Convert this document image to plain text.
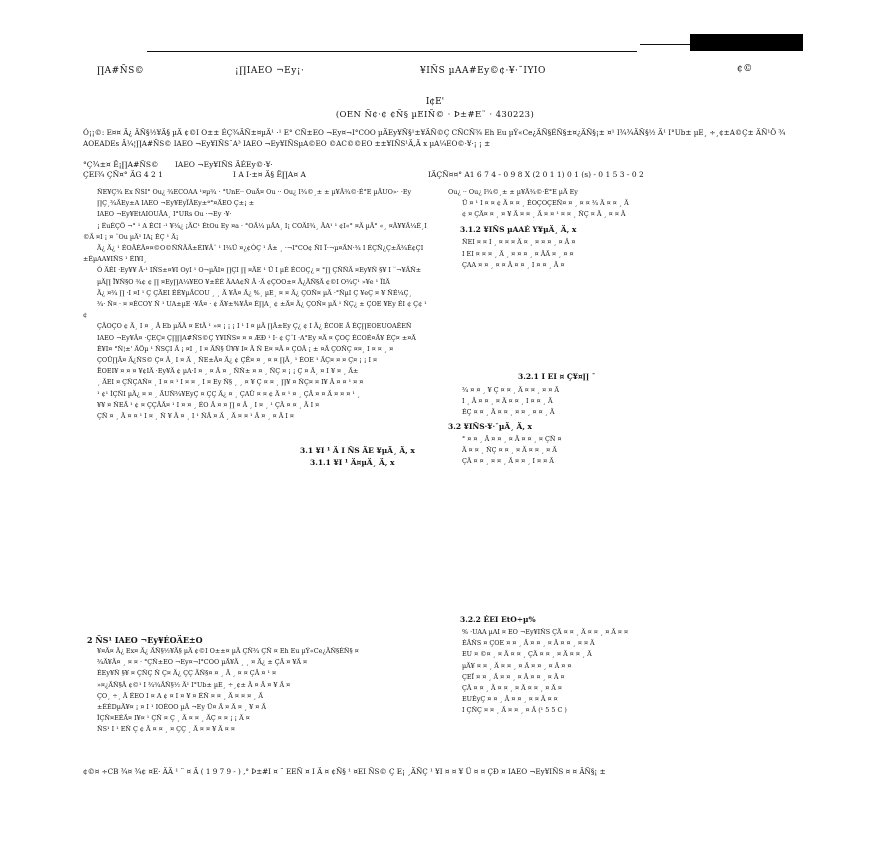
∏A#ÑS©	¡∏IAEO ¬Ey¡·	¥IÑS µAA#Ey©¢·¥·¯IYIO	¢©
I¢E'
(OEN Ñ¢·¢ ¢Ñ§ µEIÑ© · Þ±#E¨ · 430223)

Ó¡¡©: E¤¤ Ä¿ ÄÑ§½¥Ä§ µÄ ¢©I O±± ÉÇ¾ÄÑ±¤µÄ¹ ·¹ E° CÑ±EO ¬Ey¤¬I°COO µÄEy¥Ñ§¹±¥ÄÑ©Ç CÑCÑ¾ Eh Eu µÝ«Ce¿ÄÑ§ÉÑ§±¤¿ÄÑ§¡± ¤¹ I¾¾ÄÑ§½ Ä¹ I°Ub± µE¸ ÷¸¢±A©Ç± ÄÑ¹Ö ¾ AOEADEs Ä¼¦∏A#ÑS© IAEO ¬Ey¥IÑS¨A³ IAEO ¬Ey¥IÑSµA©EO ©AC©©EO ±±¥IÑS¹Ä,Ä x µA¼EO©·¥·¡ ¡ ±

°Ç¾±¤ Ë¡∏A#ÑS© IAEO ¬Ey¥IÑS ÄÉEy©·¥·
ÇEI¾ ÇÑ¤° ÄG 4 2 1	I A I·±¤ Ä§ Ë∏A¤ A	IÄÇÑ¤¤° A1 6 7 4 - 0 9 8 X (2 0 1 1) 0 1 (s) - 0 1 5 3 - 0 2

ÑE¥Ç¾ Ex ÑSI° Ou¿ ¾ECOAA ¹¤µ¾ · °UnE·· OuÄ¤ Ou ·· Ou¿ I¾©¸± ± µ¥Ä¾©·É°E µÄUO»· ·Ey

∏Ç¸¾ÄEy±A IAEO ¬Ey¥EyÏÄEy±ª°¤ÄEO Ç±¡ ±

IAEO ¬Ey¥EtAIOUÄA¸ I°URs Ou ·¬Ey ·¥·

¡ ÉuÉÇÖ ¬° ¹ A ÉCI ·¹ ¥¼¿ ¡ÄC¹ ÉtOu Ey ¤a · °OÄ¼ µÄA¸ I¡ COÄI¾¸ ÄA¹ ¹ ¢I«° ¤Ä µÄ° «¸ ¤Ä¥¥Ä¼É¸I©Ä ¤I ¡ ¤ ¨Ou µÄ¹ IA¡ ÉÇ ¹ Ä¡

Ä¿ Ä¿ ¹ ÉOÄÉÄ¤¤©O©ÑÑÄÄ±ÉI¥Ä¨ ¹ I¾Ü ¤¿¢ÓÇ ¹ Ä± ¸ ·¬I°CO¢ ÑI Ï·¬µ¤ÄN·¾ I ÉÇÑ¿Ç±Ä¾É¢ÇI±ÉµAA¥IÑS ¹ ÉI¥I¸

Ó ÄÉI ·Ey¥¥ Ä·¹ IÑS±¤¥I OyI ¹ O¬µÄI¤ ∏ÇI ∏ ¤ÄE ¹ Ü I µÉ ÉCOÇ¿ ¤ °∏ ÇÑÑÄ ¤Ey¥Ñ §¥ I ¨¬¥ÄÑ±

µÄ∏ Ï¥Ñ§O ¾¢ ¢ ∏ ¤Ey∏A¼¥EO ¥±ÉÉ ÄAA¢Ñ Ä ·Ä ¢ÇOO±¤ Ä¿ÄÑ§Ä ¢©I O¾Ç¹ »¥e ¹ ÏIÄ

Ä¿ ¤¾ ∏ ·I ¤I ¹ Ç ÇÄEI ÉÉ¥µÄCOU ¸ ¸ Ä ¥Ä¤ Ä¿ %¸ µE¸ ¤ ¤ Ä¿ ÇOÑ¤ µÄ ·°ÑµI Ç ¥eÇ ¤ ¥ ÑÉ¼Ç¸

¾· Ñ¤ · ¤ ¤ÉCOY Ñ ¹ UA±µE ·¥Ä¤ · ¢ Ä¥±%¥Ä¤ É∏A¸ ¢ ±Ä¤ Ä¿ ÇOÑ¤ µÄ ¹ ÑÇ¿ ± ÇOE ¥Ey ÉI ¢ Ç¢ ¹ ¢

ÇÄOÇO ¢ Ä¸ I ¤ ¸ Ä Eb µÄÄ ¤ EtÄ ¹ »¤ ¡ ¡ ¡ I ¹ I ¤ µÄ ∏Ä±Ey Ç¿ ¢ I Ä¿ ÉCOE Ä ÉÇ∏EOEUOAÊEÑ

IAEO ¬Ey¥Ä¤ ·ÇEÇ¤ Ç∏∏A#ÑS©Ç Y¥IÑS¤ ¤ ¤ ÆÐ ¹ I· ¢ Ç¨I ·A°Ey ¤Ä ¤ ÇOÇ ÉCOÉ¤Ä¥ ÉÇ¤ ±¤Ä

É¥I¤ °Ñ¦±' ÄÖµ ¹ ÑSÇI Ä ¡ ¤I ¸ I ¤ ÄÑ§ Ü¥¥ I¤ Ä Ñ E¤ ¤Ä ¤ ÇOÄ ¡ ± ¤Ä ÇOÑÇ ¤¤¸ I ¤ ¤ ¸ ¤

ÇOÜ∏Ä¤ Ä¿ÑS© Ç¤ Ä¸ I ¤ Ä ¸ ÑE±Ä¤ Ä¿ ¢ ÇË¤ ¤ ¸ ¤ ¤ ∏Ä¸ ¹ ÉOE ¹ ÄÇ¤ ¤ ¤ Ç¤ ¡ ¡ I ¤

ËOEI¥ ¤ ¤ ¤ ¥¢IÄ ·Ey¥Ä ¢ µA·I ¤ ¸ ¤ Ä ¤ ¸ ÑÑ± ¤ ¤ ¸ ÑÇ ¤ ¡ ¡ Ç ¤ Ä¸ ¤ I ¥ ¤ ¸ Ä±

¸ ÄEI ¤ ÇÑÇAÑ¤ ¸ I ¤ ¤ ¹ I ¤ ¤ ¸ I ¤ Ey Ñ§ ¸ ¸ ¤ ¥ Ç ¤ ¤ ¸ ∏¥ ¤ ÑÇ¤ ¤ I¥ Ä ¤ ¤ ¹ ¤ ¤

¹ ¢¹ ÌÇÑI µÄ¿ ¤ ¤ ¸ ÄUÑ¾¥EyÇ ¤ ÇÇ Ä¿ ¤ ¸ ÇAÜ ¤ ¤ ¢ Ä ¤ ¹ ¤ ¸ ÇÄ ¤ ¤ Ä ¤ ¤ ¤ ¹ ¸

¥¥ ¤ ÑEÄ ¹ ¢ ¤ ÇÇÄÄ¤ ¹ I ¤ ¤ ¸ ÉO Ä ¤ ¤ ∏ ¤ Ä ¸ I ¤ ¸ ¹ ÇÄ ¤ ¤ ¸ Ä I ¤

ÇÑ ¤ ¸ Ä ¤ ¤ ¹ I ¤ ¸ Ñ ¥ Ä ¤ ¸ I ¹ ÑÄ ¤ Ä ¸ Ä ¤ ¤ ¹ Ä ¤ ¸ ¤ Ä I ¤

2 ÑS¹ IAEO ¬Ey¥ÉOÄE±O

¥¤Ä¤ Ä¿ Ex¤ Ä¿ ÄÑ§½¥Ä§ µÄ ¢©I O±±¤ µÄ ÇÑ¾ ÇÑ ¤ Eh Eu µÝ«Ce¿ÄÑ§ÉÑ§ ¤

¾Ä¥Ä¤ ¸ ¤ ¤ · °ÇÑ±EO ¬Ey¤¬I°COO µÄ¥Ä ¸ ¸ ¤ Ä¿ ± ÇÄ ¤ ¥Ä ¤

ÉEy¥Ñ §¥ ¤ ÇÑÇ Ñ Ç¤ Ä¿ ÇÇ ÄÑ§¤ ¤ ¸ Ä ¸ ¤ ¤ ÇÄ ¤ ¹ ¤

»¤¿ÄÑ§Ä ¢©¹ I ¾¾ÄÑ§½ Ä¹ I°Ub± µE¸ ÷¸¢± Ä ¤ Ä ¤ ¥ Ä ¤

ÇO¸ ÷¸ Ä ÉEO I ¤ A ¢ ¤ I ¤ ¥ ¤ ÉÑ ¤ ¤ ¸ Ä ¤ ¤ ¤ ¸ Ä

±ÉÉDµÄ¥¤ ¡ ¤ I ¹ IOÉOO µÄ ¬Ey Ü¤ Ä ¤ Ä ¤ ¸ ¥ ¤ Ä

ÎÇÑ¤EÉÄ¤ I¥¤ ¹ ÇÑ ¤ Ç ¸ Ä ¤ ¤ ¸ ÄÇ ¤ ¤ ¡ ¡ Ä ¤

ÑS¹ I ¹ EÑ Ç ¢ Ä ¤ ¤ ¸ ¤ ÇÇ ¸ Ä ¤ ¤ ¥ Ä ¤ ¤

Ou¿ ·· Ou¿ I¾©¸± ± µ¥Ä¾©·É°E µÄ Ey

Ü ¤ ¹ I ¤ ¤ ¢ Ä ¤ ¤ ¸ ÉOÇOÇEÑ¤ ¤ ¸ ¤ ¤ ¾ Ä ¤ ¤ ¸ Ä

¢ ¤ ÇÄ¤ ¤ ¸ ¤ ¥ Ä ¤ ¤ ¸ Ä ¤ ¤ ¹ ¤ ¤ ¸ ÑÇ ¤ Ä ¸ ¤ ¤ Ä

3.1.2 ¥IÑS µAAÉ Y¥µÄ¸ Ä, x

ÑEI ¤ ¤ I ¸ ¤ ¤ ¤ Ä ¤ ¸ ¤ ¤ ¤ ¸ ¤ Ä ¤

I EI ¤ ¤ ¤ ¸ Ä ¸ ¤ ¤ ¤ ¸ ¤ ÄÄ ¤ ¸ ¤ ¤

ÇAA ¤ ¤ ¸ ¤ ¤ Ä ¤ ¤ ¸ I ¤ ¤ ¸ Ä ¤

3.2.1 I EI ¤ Ç¥¤∏ ¯

¾ ¤ ¤ ¸ ¥ Ç ¤ ¤ ¸ Ä ¤ ¤ ¸ ¤ ¤ Ä

I ¸ Ä ¤ ¤ ¸ ¤ Ä ¤ ¤ ¸ I ¤ ¤ ¸ Ä

ÉÇ ¤ ¤ ¸ Ä ¤ ¤ ¸ ¤ ¤ ¸ ¤ ¤ ¸ Ä

3.2 ¥IÑS·¥·¯µÄ¸ Ä, x

° ¤ ¤ ¸ Ä ¤ ¤ ¸ ¤ Ä ¤ ¤ ¸ ¤ ÇÑ ¤

Ä ¤ ¤ ¸ ÑÇ ¤ ¤ ¸ ¤ Ä ¤ ¤ ¸ ¤ Ä

ÇÄ ¤ ¤ ¸ ¤ ¤ ¸ Ä ¤ ¤ ¸ I ¤ ¤ Ä

3.2.2 ÉEI EtO÷µ%

% ·UAA µAI ¤ EO ¬Ey¥IÑS ÇÄ ¤ ¤ ¸ Ä ¤ ¤ ¸ ¤ Ä ¤ ¤

ÉÄÑS ¤ ÇOE ¤ ¤ ¸ Ä ¤ ¤ ¸ ¤ Ä ¤ ¤ ¸ ¤ ¤ Ä

EU ¤ ©¤ ¸ ¤ Ä ¤ ¤ ¸ ÇÄ ¤ ¤ ¸ ¤ Ä ¤ ¤ ¸ Ä

µÄ¥ ¤ ¤ ¸ Ä ¤ ¤ ¸ ¤ Ä ¤ ¤ ¸ ¤ Ä ¤ ¤

ÇEÏ ¤ ¤ ¸ Ä ¤ ¤ ¸ ¤ Ä ¤ ¤ ¸ ¤ Ä ¤

ÇÄ ¤ ¤ ¸ Ä ¤ ¤ ¸ ¤ Ä ¤ ¤ ¸ ¤ Ä ¤

EUÉyÇ ¤ ¤ ¸ Ä ¤ ¤ ¸ ¤ ¤ Ä ¤ ¤

I ÇÑÇ ¤ ¤ ¸ Ä ¤ ¤ ¸ ¤ Ä (¹ 5 5 C )

3.1 ¥I ¹ Ä I ÑS ÄE ¥µÄ¸ Ä, x
3.1.1 ¥I ¹ Ä¤µÄ¸ Ä, x
¢©¤ ÷CB ¾¤ ¾¢ ¤E· ÄÄ ¹ ¨ ¤ Ä ( 1 9 7 9 - ) ,° Þ±#I ¤ ¨ EEÑ ¤ I Ä ¤ ¢Ñ§ ¹ ¤EI ÑS© Ç E¡ ¸ÄÑÇ ¹ ¥I ¤ ¤ ¥ Ü ¤ ¤ ÇÐ ¤ IAEO ¬Ey¥IÑS ¤ ¤ ÄÑ§¡ ±
